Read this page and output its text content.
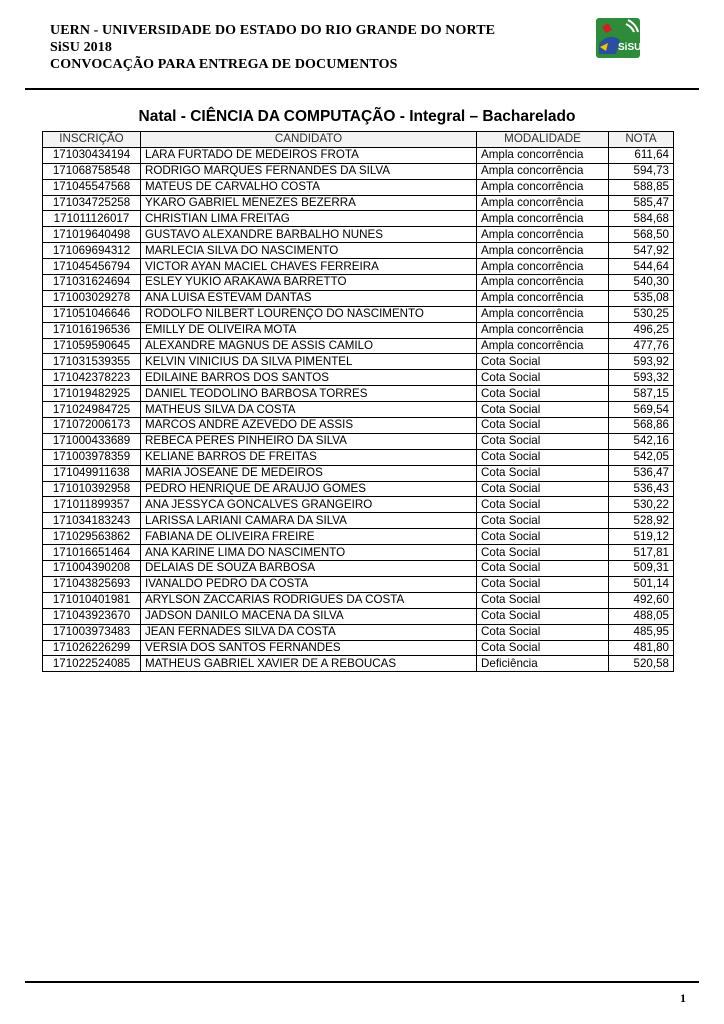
UERN - UNIVERSIDADE DO ESTADO DO RIO GRANDE DO NORTE
SiSU 2018
CONVOCAÇÃO PARA ENTREGA DE DOCUMENTOS
SiSU
Natal - CIÊNCIA DA COMPUTAÇÃO - Integral – Bacharelado
INSCRIÇÃO	CANDIDATO	MODALIDADE	NOTA
171030434194	LARA FURTADO DE MEDEIROS FROTA	Ampla concorrência	611,64
171068758548	RODRIGO MARQUES FERNANDES DA SILVA	Ampla concorrência	594,73
171045547568	MATEUS DE CARVALHO COSTA	Ampla concorrência	588,85
171034725258	YKARO GABRIEL MENEZES BEZERRA	Ampla concorrência	585,47
171011126017	CHRISTIAN LIMA FREITAG	Ampla concorrência	584,68
171019640498	GUSTAVO ALEXANDRE BARBALHO NUNES	Ampla concorrência	568,50
171069694312	MARLECIA SILVA DO NASCIMENTO	Ampla concorrência	547,92
171045456794	VICTOR AYAN MACIEL CHAVES FERREIRA	Ampla concorrência	544,64
171031624694	ESLEY YUKIO ARAKAWA BARRETTO	Ampla concorrência	540,30
171003029278	ANA LUISA ESTEVAM DANTAS	Ampla concorrência	535,08
171051046646	RODOLFO NILBERT LOURENÇO DO NASCIMENTO	Ampla concorrência	530,25
171016196536	EMILLY DE OLIVEIRA MOTA	Ampla concorrência	496,25
171059590645	ALEXANDRE MAGNUS DE ASSIS CAMILO	Ampla concorrência	477,76
171031539355	KELVIN VINICIUS DA SILVA PIMENTEL	Cota Social	593,92
171042378223	EDILAINE BARROS DOS SANTOS	Cota Social	593,32
171019482925	DANIEL TEODOLINO BARBOSA TORRES	Cota Social	587,15
171024984725	MATHEUS SILVA DA COSTA	Cota Social	569,54
171072006173	MARCOS ANDRE AZEVEDO DE ASSIS	Cota Social	568,86
171000433689	REBECA PERES PINHEIRO DA SILVA	Cota Social	542,16
171003978359	KELIANE BARROS DE FREITAS	Cota Social	542,05
171049911638	MARIA JOSEANE DE MEDEIROS	Cota Social	536,47
171010392958	PEDRO HENRIQUE DE ARAUJO GOMES	Cota Social	536,43
171011899357	ANA JESSYCA GONCALVES GRANGEIRO	Cota Social	530,22
171034183243	LARISSA LARIANI CAMARA DA SILVA	Cota Social	528,92
171029563862	FABIANA DE OLIVEIRA FREIRE	Cota Social	519,12
171016651464	ANA KARINE LIMA DO NASCIMENTO	Cota Social	517,81
171004390208	DELAIAS DE SOUZA BARBOSA	Cota Social	509,31
171043825693	IVANALDO PEDRO DA COSTA	Cota Social	501,14
171010401981	ARYLSON ZACCARIAS RODRIGUES DA COSTA	Cota Social	492,60
171043923670	JADSON DANILO MACENA DA SILVA	Cota Social	488,05
171003973483	JEAN FERNADES SILVA DA COSTA	Cota Social	485,95
171026226299	VERSIA DOS SANTOS FERNANDES	Cota Social	481,80
171022524085	MATHEUS GABRIEL XAVIER DE A REBOUCAS	Deficiência	520,58
1
